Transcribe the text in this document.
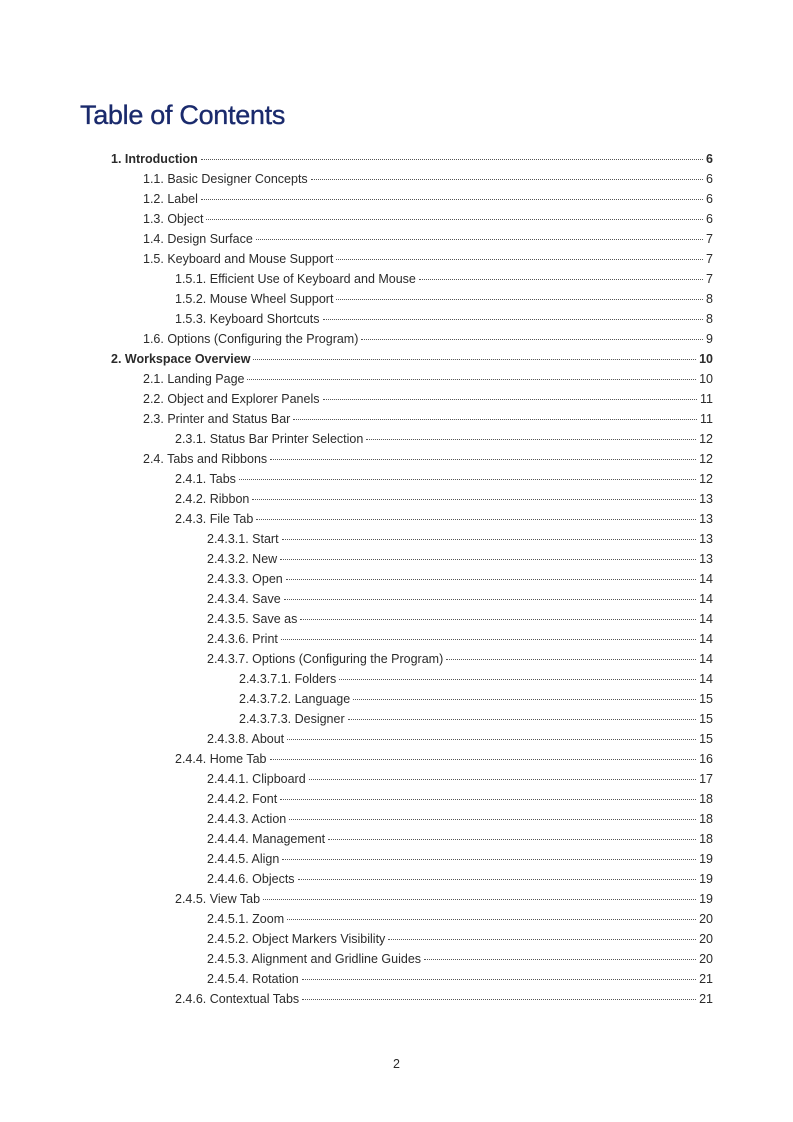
Table of Contents
1. Introduction	6
1.1. Basic Designer Concepts	6
1.2. Label	6
1.3. Object	6
1.4. Design Surface	7
1.5. Keyboard and Mouse Support	7
1.5.1. Efficient Use of Keyboard and Mouse	7
1.5.2. Mouse Wheel Support	8
1.5.3. Keyboard Shortcuts	8
1.6. Options (Configuring the Program)	9
2. Workspace Overview	10
2.1. Landing Page	10
2.2. Object and Explorer Panels	11
2.3. Printer and Status Bar	11
2.3.1. Status Bar Printer Selection	12
2.4. Tabs and Ribbons	12
2.4.1. Tabs	12
2.4.2. Ribbon	13
2.4.3. File Tab	13
2.4.3.1. Start	13
2.4.3.2. New	13
2.4.3.3. Open	14
2.4.3.4. Save	14
2.4.3.5. Save as	14
2.4.3.6. Print	14
2.4.3.7. Options (Configuring the Program)	14
2.4.3.7.1. Folders	14
2.4.3.7.2. Language	15
2.4.3.7.3. Designer	15
2.4.3.8. About	15
2.4.4. Home Tab	16
2.4.4.1. Clipboard	17
2.4.4.2. Font	18
2.4.4.3. Action	18
2.4.4.4. Management	18
2.4.4.5. Align	19
2.4.4.6. Objects	19
2.4.5. View Tab	19
2.4.5.1. Zoom	20
2.4.5.2. Object Markers Visibility	20
2.4.5.3. Alignment and Gridline Guides	20
2.4.5.4. Rotation	21
2.4.6. Contextual Tabs	21
2
